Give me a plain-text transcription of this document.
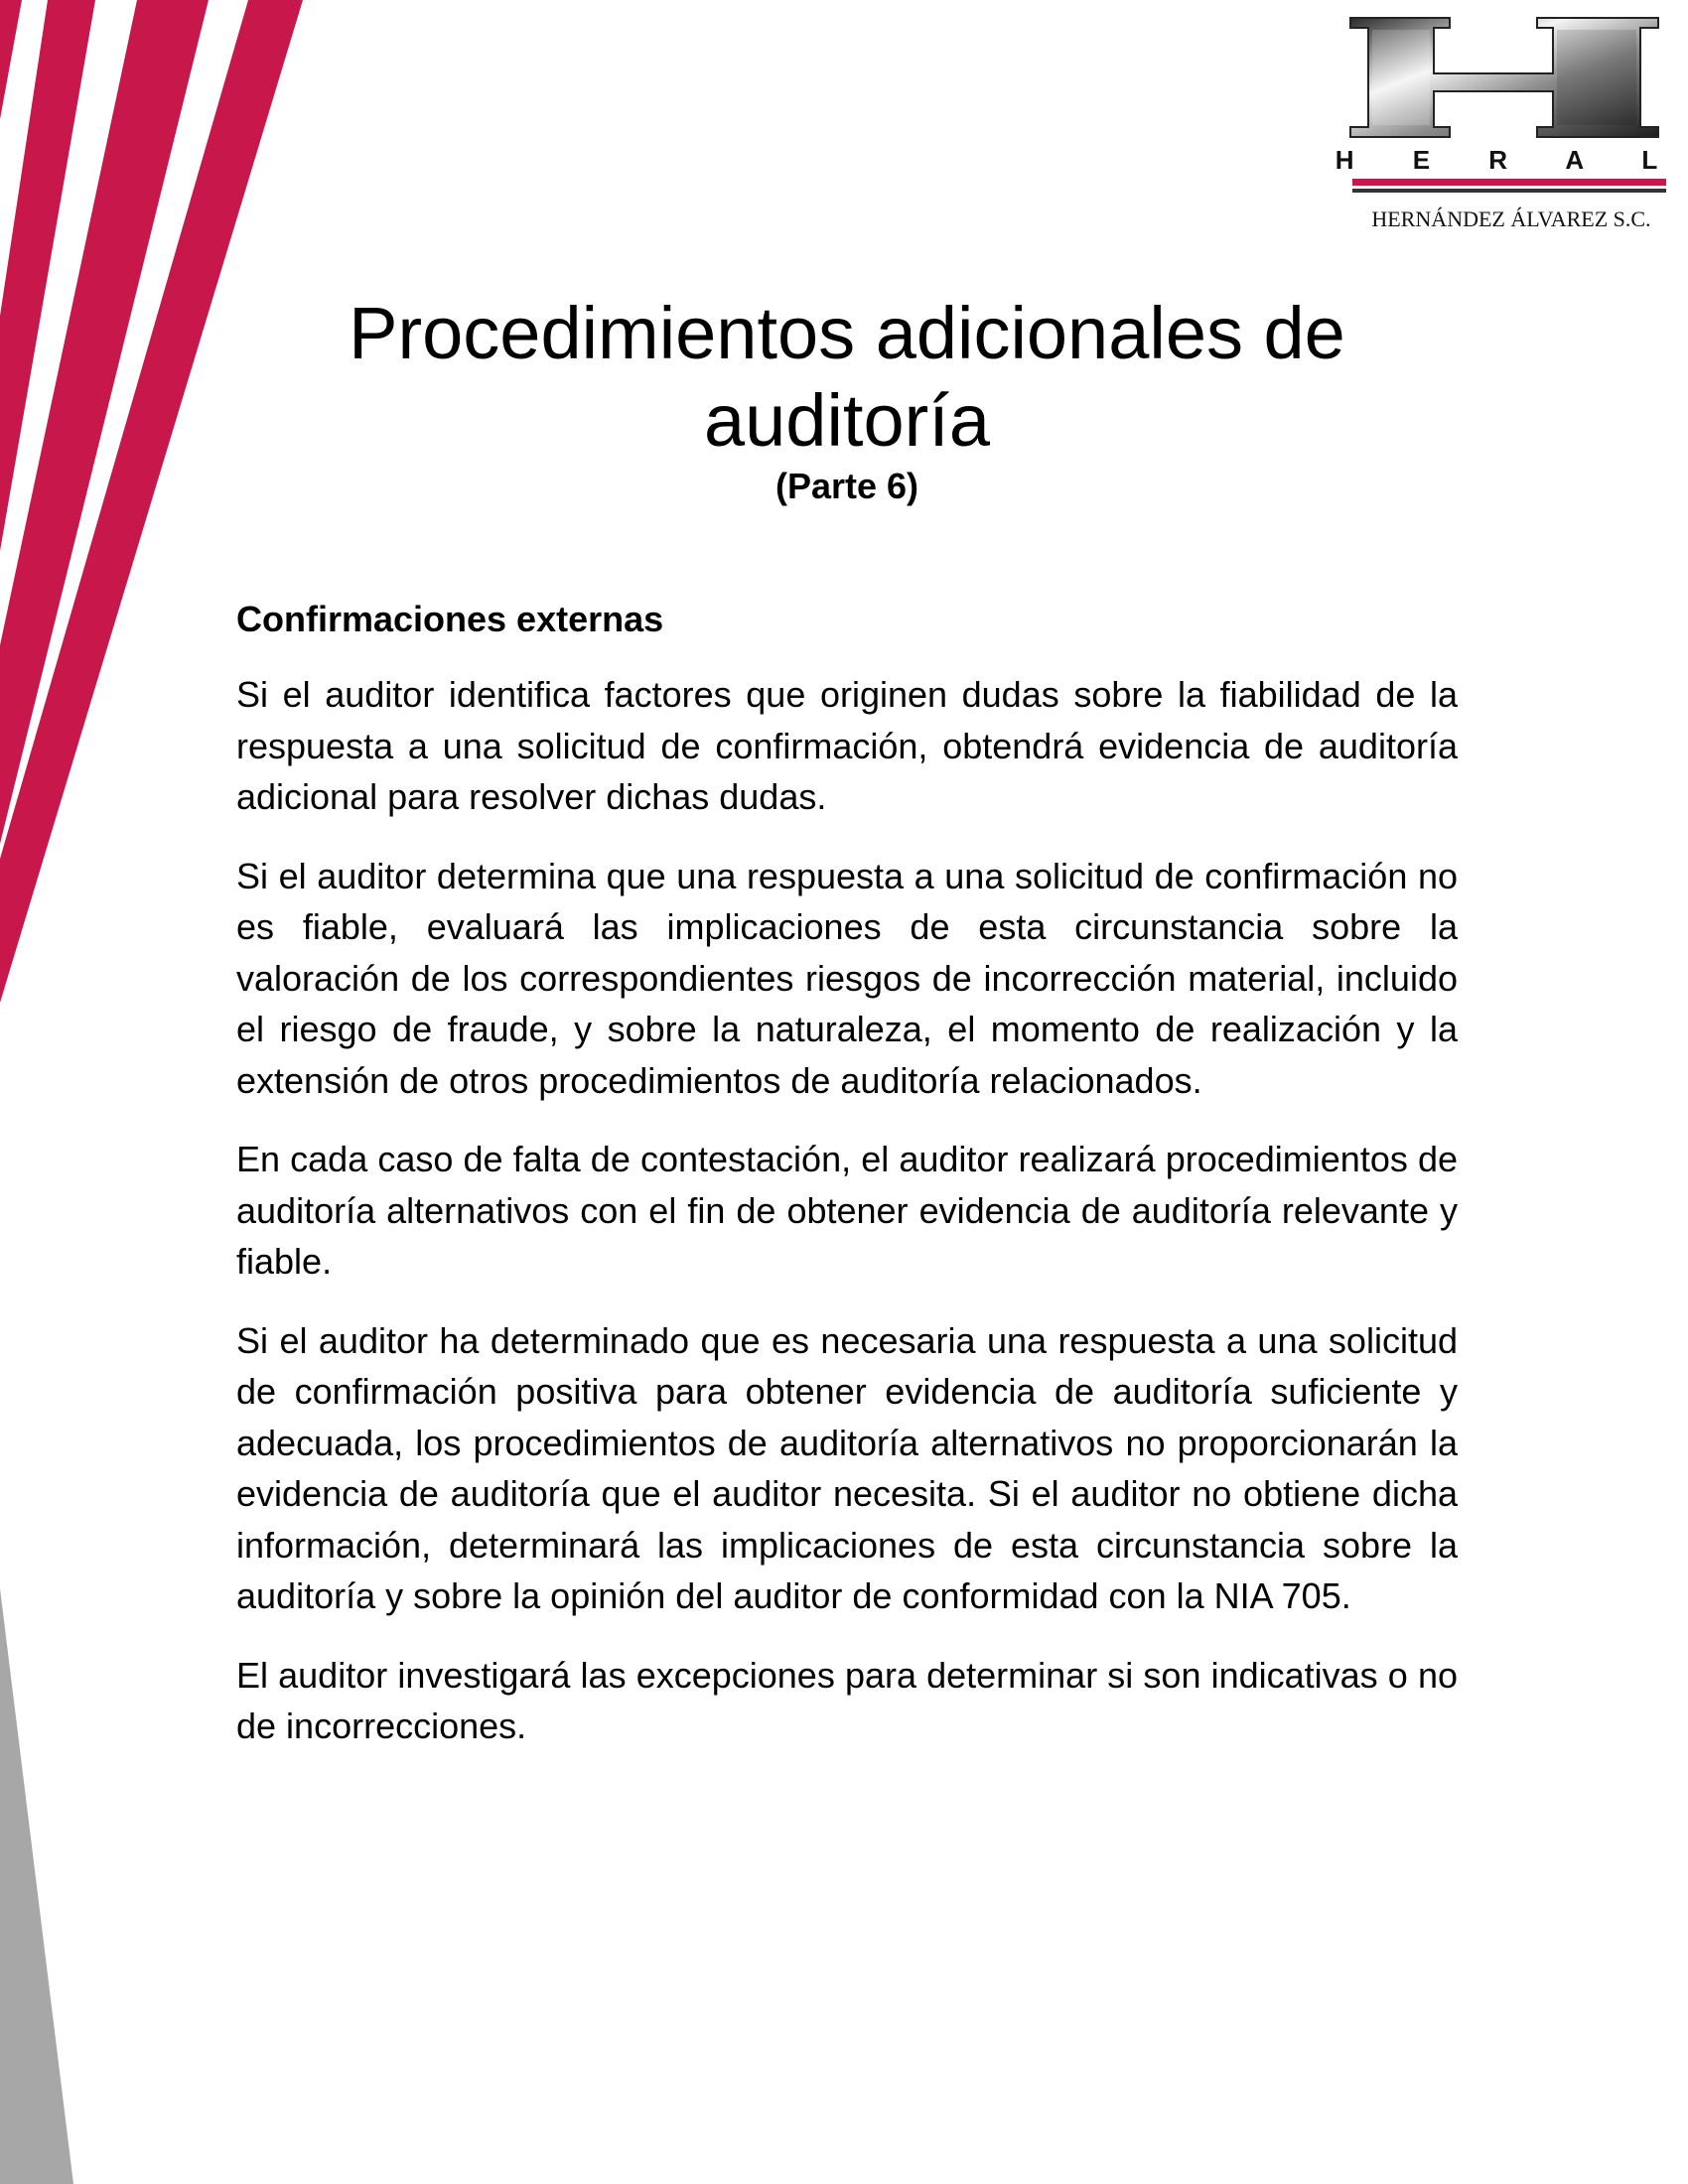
H E R A L
HERNÁNDEZ ÁLVAREZ S.C.
Procedimientos adicionales de auditoría
(Parte 6)
Confirmaciones externas

Si el auditor identifica factores que originen dudas sobre la fiabilidad de la respuesta a una solicitud de confirmación, obtendrá evidencia de auditoría adicional para resolver dichas dudas.

Si el auditor determina que una respuesta a una solicitud de confirmación no es fiable, evaluará las implicaciones de esta circunstancia sobre la valoración de los correspondientes riesgos de incorrección material, incluido el riesgo de fraude, y sobre la naturaleza, el momento de realización y la extensión de otros procedimientos de auditoría relacionados.

En cada caso de falta de contestación, el auditor realizará procedimientos de auditoría alternativos con el fin de obtener evidencia de auditoría relevante y fiable.

Si el auditor ha determinado que es necesaria una respuesta a una solicitud de confirmación positiva para obtener evidencia de auditoría suficiente y adecuada, los procedimientos de auditoría alternativos no proporcionarán la evidencia de auditoría que el auditor necesita. Si el auditor no obtiene dicha información, determinará las implicaciones de esta circunstancia sobre la auditoría y sobre la opinión del auditor de conformidad con la NIA 705.

El auditor investigará las excepciones para determinar si son indicativas o no de incorrecciones.
